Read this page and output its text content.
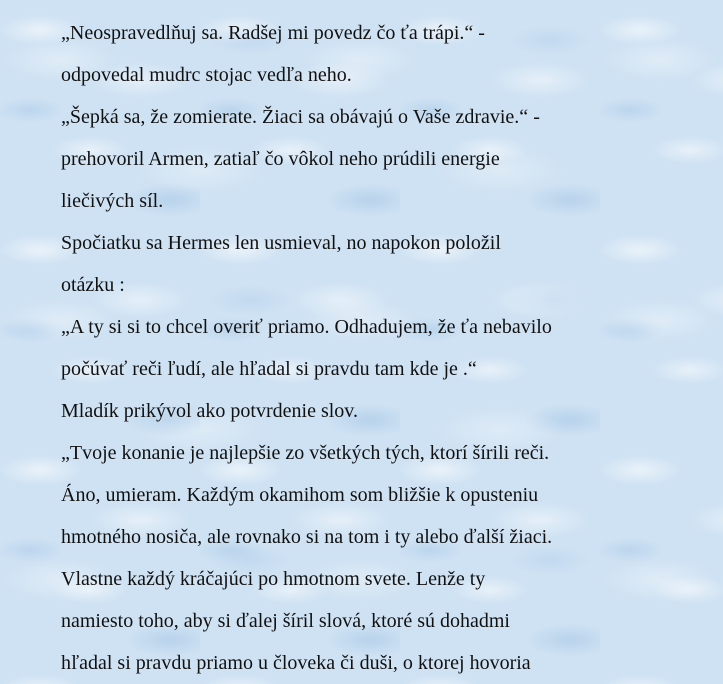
„Neospravedlňuj sa. Radšej mi povedz čo ťa trápi.“ -
odpovedal mudrc stojac vedľa neho.
„Šepká sa, že zomierate. Žiaci sa obávajú o Vaše zdravie.“ -
prehovoril Armen, zatiaľ čo vôkol neho prúdili energie
liečivých síl.
Spočiatku sa Hermes len usmieval, no napokon položil
otázku :
„A ty si si to chcel overiť priamo. Odhadujem, že ťa nebavilo
počúvať reči ľudí, ale hľadal si pravdu tam kde je .“
Mladík prikývol ako potvrdenie slov.
„Tvoje konanie je najlepšie zo všetkých tých, ktorí šírili reči.
Áno, umieram. Každým okamihom som bližšie k opusteniu
hmotného nosiča, ale rovnako si na tom i ty alebo ďalší žiaci.
Vlastne každý kráčajúci po hmotnom svete. Lenže ty
namiesto toho, aby si ďalej šíril slová, ktoré sú dohadmi
hľadal si pravdu priamo u človeka či duši, o ktorej hovoria
